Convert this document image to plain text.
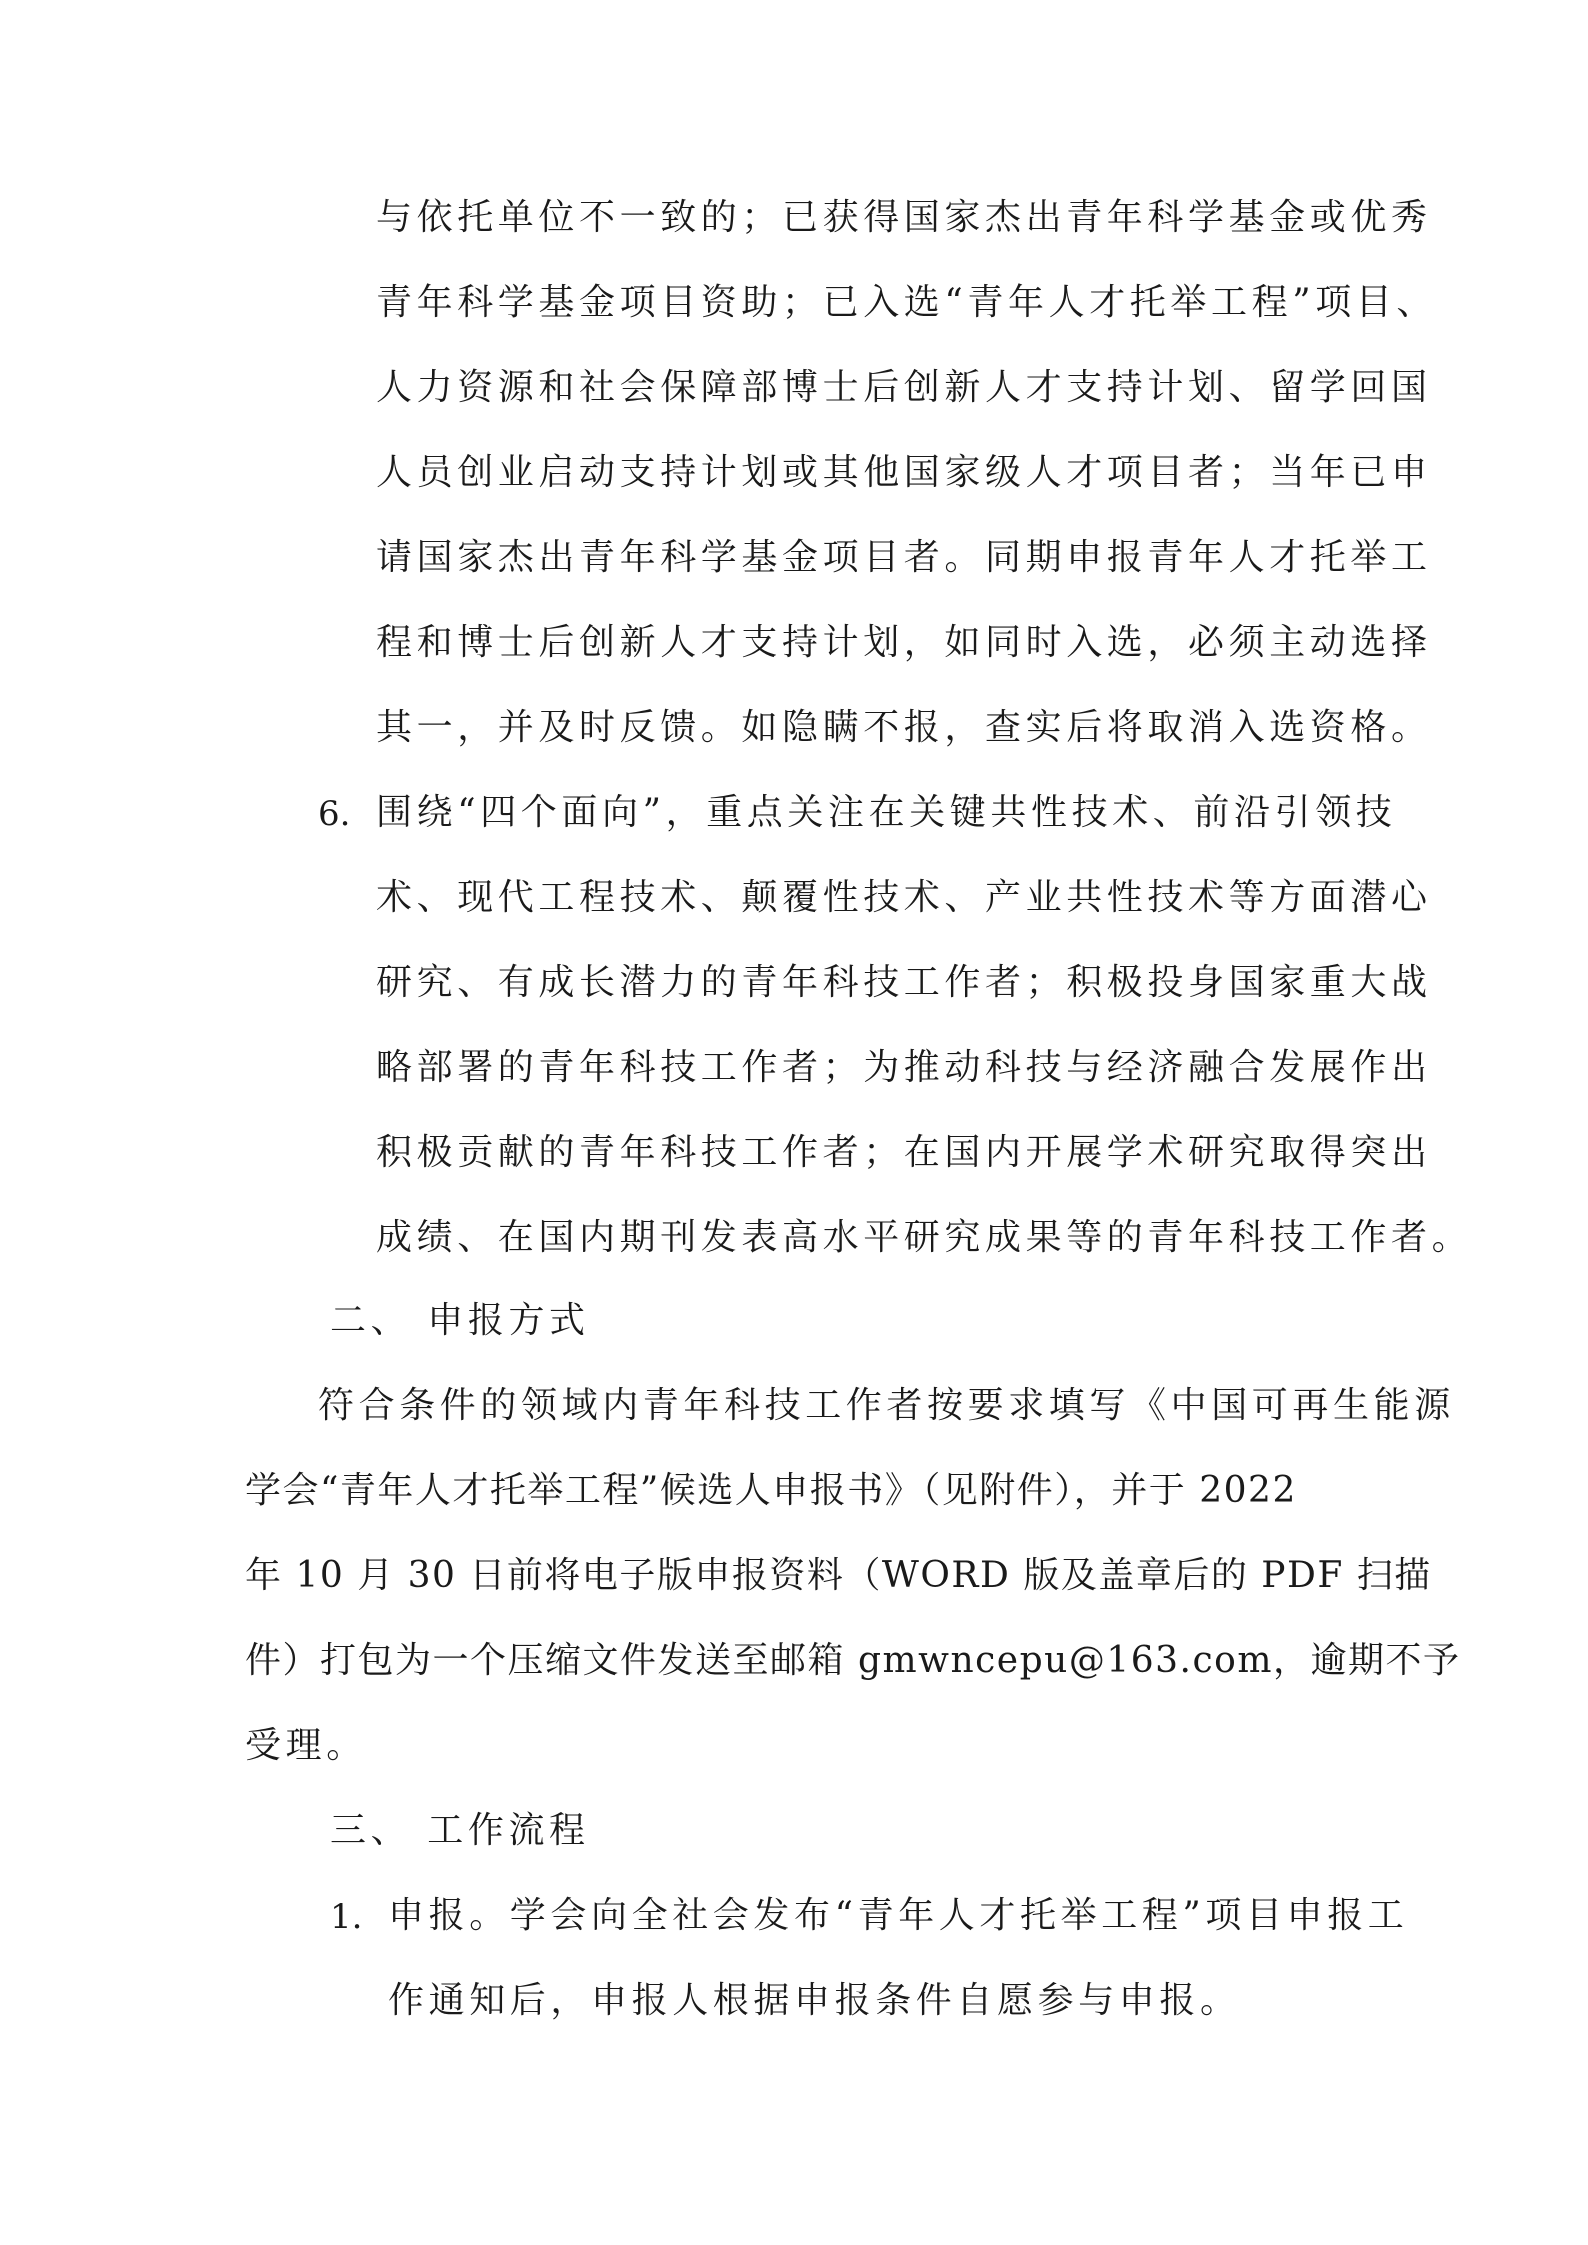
与依托单位不一致的；已获得国家杰出青年科学基金或优秀
青年科学基金项目资助；已入选“青年人才托举工程”项目、
人力资源和社会保障部博士后创新人才支持计划、留学回国
人员创业启动支持计划或其他国家级人才项目者；当年已申
请国家杰出青年科学基金项目者。同期申报青年人才托举工
程和博士后创新人才支持计划，如同时入选，必须主动选择
其一，并及时反馈。如隐瞒不报，查实后将取消入选资格。
6. 围绕“四个面向”，重点关注在关键共性技术、前沿引领技
术、现代工程技术、颠覆性技术、产业共性技术等方面潜心
研究、有成长潜力的青年科技工作者；积极投身国家重大战
略部署的青年科技工作者；为推动科技与经济融合发展作出
积极贡献的青年科技工作者；在国内开展学术研究取得突出
成绩、在国内期刊发表高水平研究成果等的青年科技工作者。
二、 申报方式
符合条件的领域内青年科技工作者按要求填写《中国可再生能源
学会“青年人才托举工程”候选人申报书》（见附件），并于 2022
年 10 月 30 日前将电子版申报资料（WORD 版及盖章后的 PDF 扫描
件）打包为一个压缩文件发送至邮箱 gmwncepu@163.com，逾期不予
受理。
三、 工作流程
1. 申报。学会向全社会发布“青年人才托举工程”项目申报工
作通知后，申报人根据申报条件自愿参与申报。
